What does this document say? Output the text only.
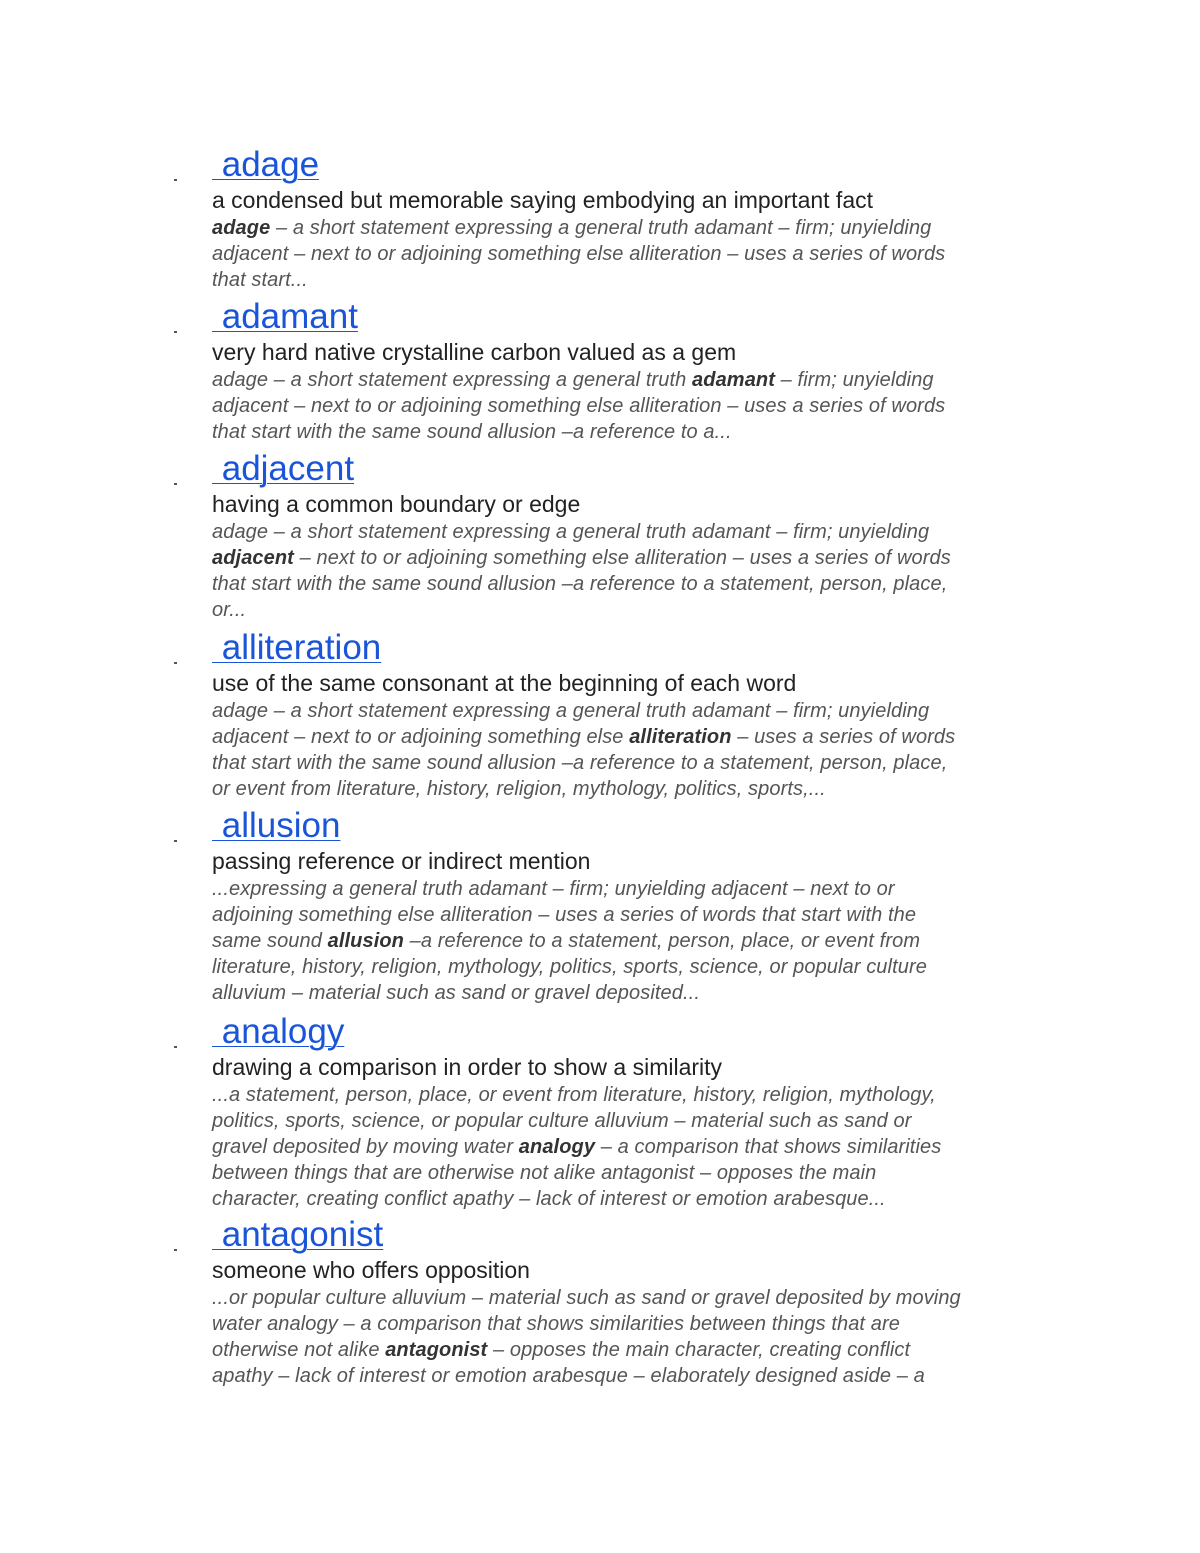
adage
a condensed but memorable saying embodying an important fact
adage – a short statement expressing a general truth adamant – firm; unyielding
adjacent – next to or adjoining something else alliteration – uses a series of words
that start...
adamant
very hard native crystalline carbon valued as a gem
adage – a short statement expressing a general truth adamant – firm; unyielding
adjacent – next to or adjoining something else alliteration – uses a series of words
that start with the same sound allusion –a reference to a...
adjacent
having a common boundary or edge
adage – a short statement expressing a general truth adamant – firm; unyielding
adjacent – next to or adjoining something else alliteration – uses a series of words
that start with the same sound allusion –a reference to a statement, person, place,
or...
alliteration
use of the same consonant at the beginning of each word
adage – a short statement expressing a general truth adamant – firm; unyielding
adjacent – next to or adjoining something else alliteration – uses a series of words
that start with the same sound allusion –a reference to a statement, person, place,
or event from literature, history, religion, mythology, politics, sports,...
allusion
passing reference or indirect mention
...expressing a general truth adamant – firm; unyielding adjacent – next to or
adjoining something else alliteration – uses a series of words that start with the
same sound allusion –a reference to a statement, person, place, or event from
literature, history, religion, mythology, politics, sports, science, or popular culture
alluvium – material such as sand or gravel deposited...
analogy
drawing a comparison in order to show a similarity
...a statement, person, place, or event from literature, history, religion, mythology,
politics, sports, science, or popular culture alluvium – material such as sand or
gravel deposited by moving water analogy – a comparison that shows similarities
between things that are otherwise not alike antagonist – opposes the main
character, creating conflict apathy – lack of interest or emotion arabesque...
antagonist
someone who offers opposition
...or popular culture alluvium – material such as sand or gravel deposited by moving
water analogy – a comparison that shows similarities between things that are
otherwise not alike antagonist – opposes the main character, creating conflict
apathy – lack of interest or emotion arabesque – elaborately designed aside – a
